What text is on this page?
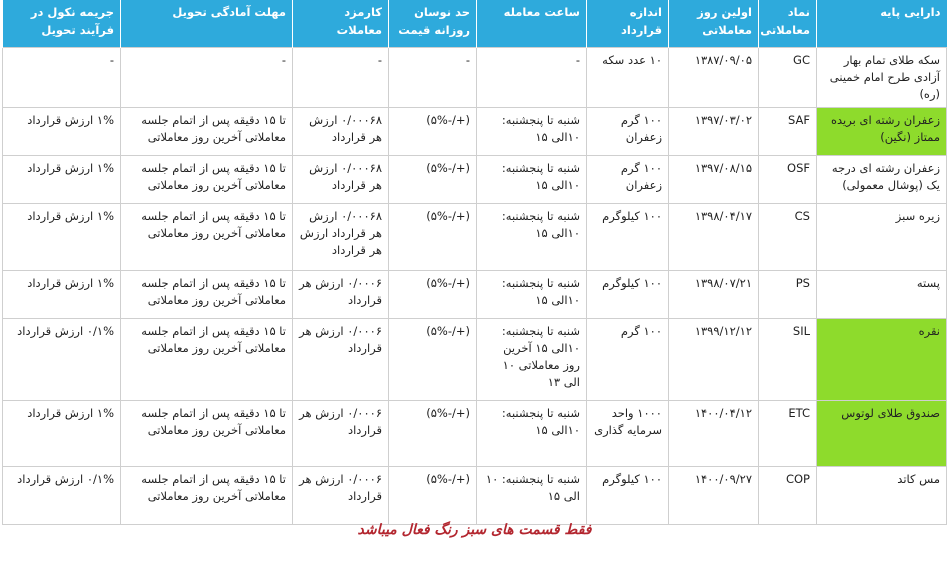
دارایی پایه	نماد معاملاتی	اولین روز معاملاتی	اندازه قرارداد	ساعت معامله	حد نوسان روزانه قیمت	کارمزد معاملات	مهلت آمادگی تحویل	جریمه نکول در فرآیند تحویل
سکه طلای تمام بهار آزادی طرح امام خمینی (ره)	GC	۱۳۸۷/۰۹/۰۵	۱۰ عدد سکه	-	-	-	-	-
زعفران رشته ای بریده ممتاز (نگین)	SAF	۱۳۹۷/۰۳/۰۲	۱۰۰ گرم زعفران	شنبه تا پنجشنبه: ۱۰الی ۱۵	(+/-۵%)	۰/۰۰۰۶۸ ارزش هر قرارداد	تا ۱۵ دقیقه پس از اتمام جلسه معاملاتی آخرین روز معاملاتی	۱% ارزش قرارداد
زعفران رشته ای درجه یک (پوشال معمولی)	OSF	۱۳۹۷/۰۸/۱۵	۱۰۰ گرم زعفران	شنبه تا پنجشنبه: ۱۰الی ۱۵	(+/-۵%)	۰/۰۰۰۶۸ ارزش هر قرارداد	تا ۱۵ دقیقه پس از اتمام جلسه معاملاتی آخرین روز معاملاتی	۱% ارزش قرارداد
زیره سبز	CS	۱۳۹۸/۰۴/۱۷	۱۰۰ کیلوگرم	شنبه تا پنجشنبه: ۱۰الی ۱۵	(+/-۵%)	۰/۰۰۰۶۸ ارزش هر قرارداد ارزش هر قرارداد	تا ۱۵ دقیقه پس از اتمام جلسه معاملاتی آخرین روز معاملاتی	۱% ارزش قرارداد
پسته	PS	۱۳۹۸/۰۷/۲۱	۱۰۰ کیلوگرم	شنبه تا پنجشنبه: ۱۰الی ۱۵	(+/-۵%)	۰/۰۰۰۶ ارزش هر قرارداد	تا ۱۵ دقیقه پس از اتمام جلسه معاملاتی آخرین روز معاملاتی	۱% ارزش قرارداد
نقره	SIL	۱۳۹۹/۱۲/۱۲	۱۰۰ گرم	شنبه تا پنجشنبه: ۱۰الی ۱۵ آخرین روز معاملاتی ۱۰ الی ۱۳	(+/-۵%)	۰/۰۰۰۶ ارزش هر قرارداد	تا ۱۵ دقیقه پس از اتمام جلسه معاملاتی آخرین روز معاملاتی	۰/۱% ارزش قرارداد
صندوق طلای لوتوس	ETC	۱۴۰۰/۰۴/۱۲	۱۰۰۰ واحد سرمایه گذاری	شنبه تا پنجشنبه: ۱۰الی ۱۵	(+/-۵%)	۰/۰۰۰۶ ارزش هر قرارداد	تا ۱۵ دقیقه پس از اتمام جلسه معاملاتی آخرین روز معاملاتی	۱% ارزش قرارداد
مس کاتد	COP	۱۴۰۰/۰۹/۲۷	۱۰۰ کیلوگرم	شنبه تا پنجشنبه: ۱۰ الی ۱۵	(+/-۵%)	۰/۰۰۰۶ ارزش هر قرارداد	تا ۱۵ دقیقه پس از اتمام جلسه معاملاتی آخرین روز معاملاتی	۰/۱% ارزش قرارداد
فقط قسمت های سبز رنگ فعال میباشد
